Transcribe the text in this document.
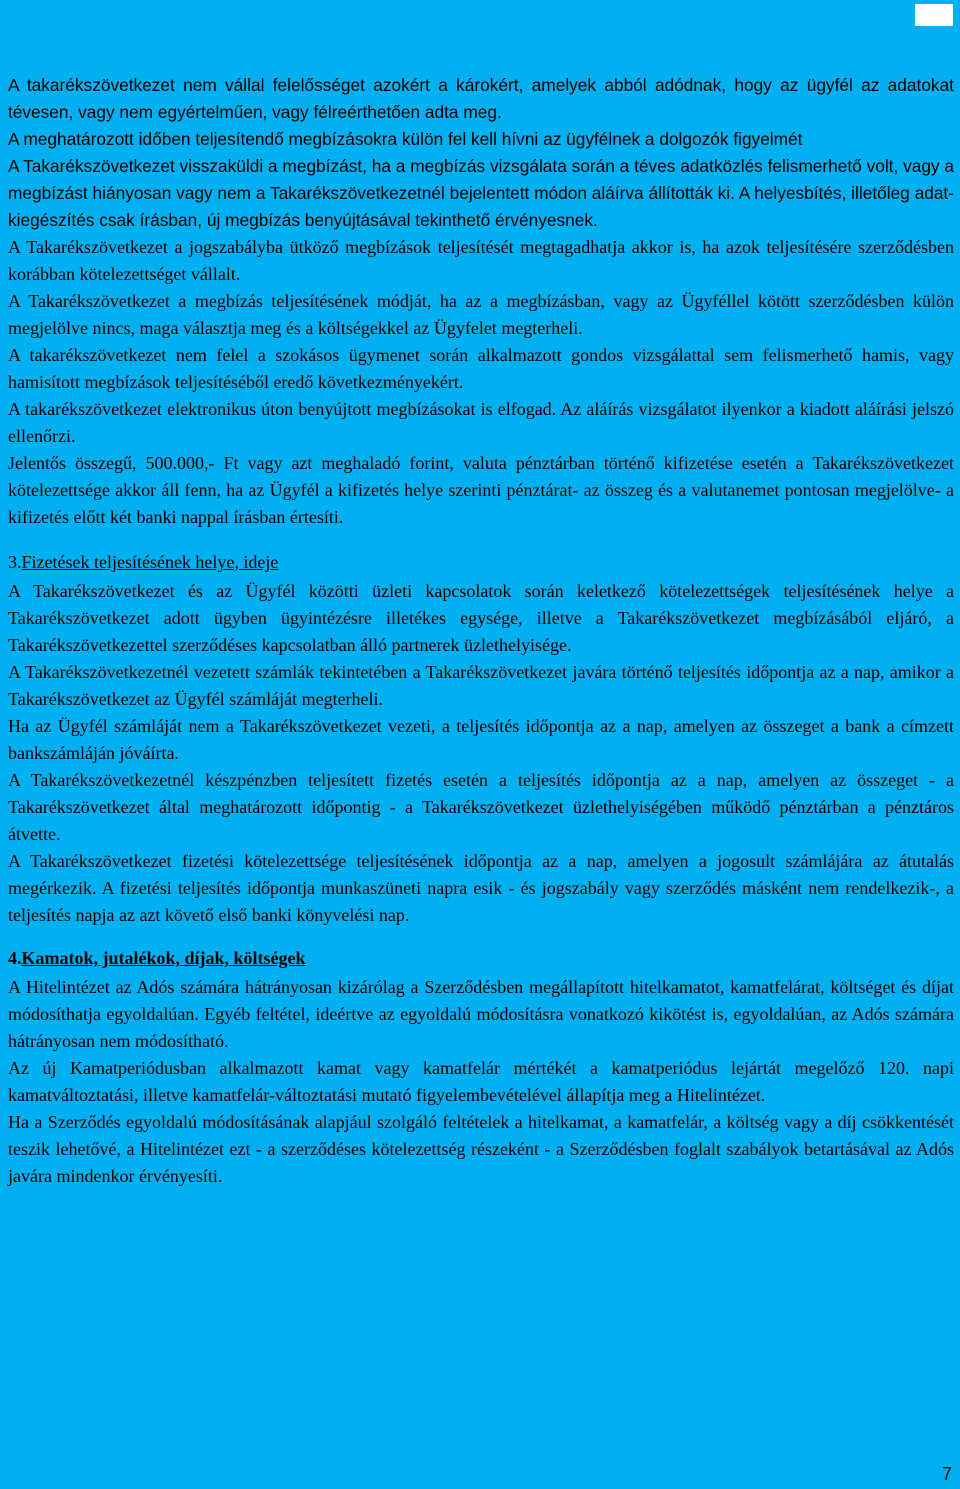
A takarékszövetkezet nem vállal felelősséget azokért a károkért, amelyek abból adódnak, hogy az ügyfél az adatokat tévesen, vagy nem egyértelműen, vagy félreérthetően adta meg.

A meghatározott időben teljesítendő megbízásokra külön fel kell hívni az ügyfélnek a dolgozók figyelmét

A Takarékszövetkezet visszaküldi a megbízást, ha a megbízás vizsgálata során a téves adatközlés felismerhető volt, vagy a megbízást hiányosan vagy nem a Takarékszövetkezetnél bejelentett módon aláírva állították ki. A helyesbítés, illetőleg adat-kiegészítés csak írásban, új megbízás benyújtásával tekinthető érvényesnek.

A Takarékszövetkezet a jogszabályba ütköző megbízások teljesítését megtagadhatja akkor is, ha azok teljesítésére szerződésben korábban kötelezettséget vállalt.

A Takarékszövetkezet a megbízás teljesítésének módját, ha az a megbízásban, vagy az Ügyféllel kötött szerződésben külön megjelölve nincs, maga választja meg és a költségekkel az Ügyfelet megterheli.

A takarékszövetkezet nem felel a szokásos ügymenet során alkalmazott gondos vizsgálattal sem felismerhető hamis, vagy hamisított megbízások teljesítéséből eredő következményekért.

A takarékszövetkezet elektronikus úton benyújtott megbízásokat is elfogad. Az aláírás vizsgálatot ilyenkor a kiadott aláírási jelszó ellenőrzi.

Jelentős összegű, 500.000,- Ft vagy azt meghaladó forint, valuta pénztárban történő kifizetése esetén a Takarékszövetkezet kötelezettsége akkor áll fenn, ha az Ügyfél a kifizetés helye szerinti pénztárat- az összeg és a valutanemet pontosan megjelölve- a kifizetés előtt két banki nappal írásban értesíti.

3.Fizetések teljesítésének helye, ideje

A Takarékszövetkezet és az Ügyfél közötti üzleti kapcsolatok során keletkező kötelezettségek teljesítésének helye a Takarékszövetkezet adott ügyben ügyintézésre illetékes egysége, illetve a Takarékszövetkezet megbízásából eljáró, a Takarékszövetkezettel szerződéses kapcsolatban álló partnerek üzlethelyisége.

A Takarékszövetkezetnél vezetett számlák tekintetében a Takarékszövetkezet javára történő teljesítés időpontja az a nap, amikor a Takarékszövetkezet az Ügyfél számláját megterheli.

Ha az Ügyfél számláját nem a Takarékszövetkezet vezeti, a teljesítés időpontja az a nap, amelyen az összeget a bank a címzett bankszámláján jóváírta.

A Takarékszövetkezetnél készpénzben teljesített fizetés esetén a teljesítés időpontja az a nap, amelyen az összeget - a Takarékszövetkezet által meghatározott időpontig - a Takarékszövetkezet üzlethelyiségében működő pénztárban a pénztáros átvette.

A Takarékszövetkezet fizetési kötelezettsége teljesítésének időpontja az a nap, amelyen a jogosult számlájára az átutalás megérkezik. A fizetési teljesítés időpontja munkaszüneti napra esik - és jogszabály vagy szerződés másként nem rendelkezik-, a teljesítés napja az azt követő első banki könyvelési nap.

4.Kamatok, jutalékok, díjak, költségek

A Hitelintézet az Adós számára hátrányosan kizárólag a Szerződésben megállapított hitelkamatot, kamatfelárat, költséget és díjat módosíthatja egyoldalúan. Egyéb feltétel, ideértve az egyoldalú módosításra vonatkozó kikötést is, egyoldalúan, az Adós számára hátrányosan nem módosítható.

Az új Kamatperiódusban alkalmazott kamat vagy kamatfelár mértékét a kamatperiódus lejártát megelőző 120. napi kamatváltoztatási, illetve kamatfelár-változtatási mutató figyelembevételével állapítja meg a Hitelintézet.

Ha a Szerződés egyoldalú módosításának alapjául szolgáló feltételek a hitelkamat, a kamatfelár, a költség vagy a díj csökkentését teszik lehetővé, a Hitelintézet ezt - a szerződéses kötelezettség részeként - a Szerződésben foglalt szabályok betartásával az Adós javára mindenkor érvényesíti.

7
